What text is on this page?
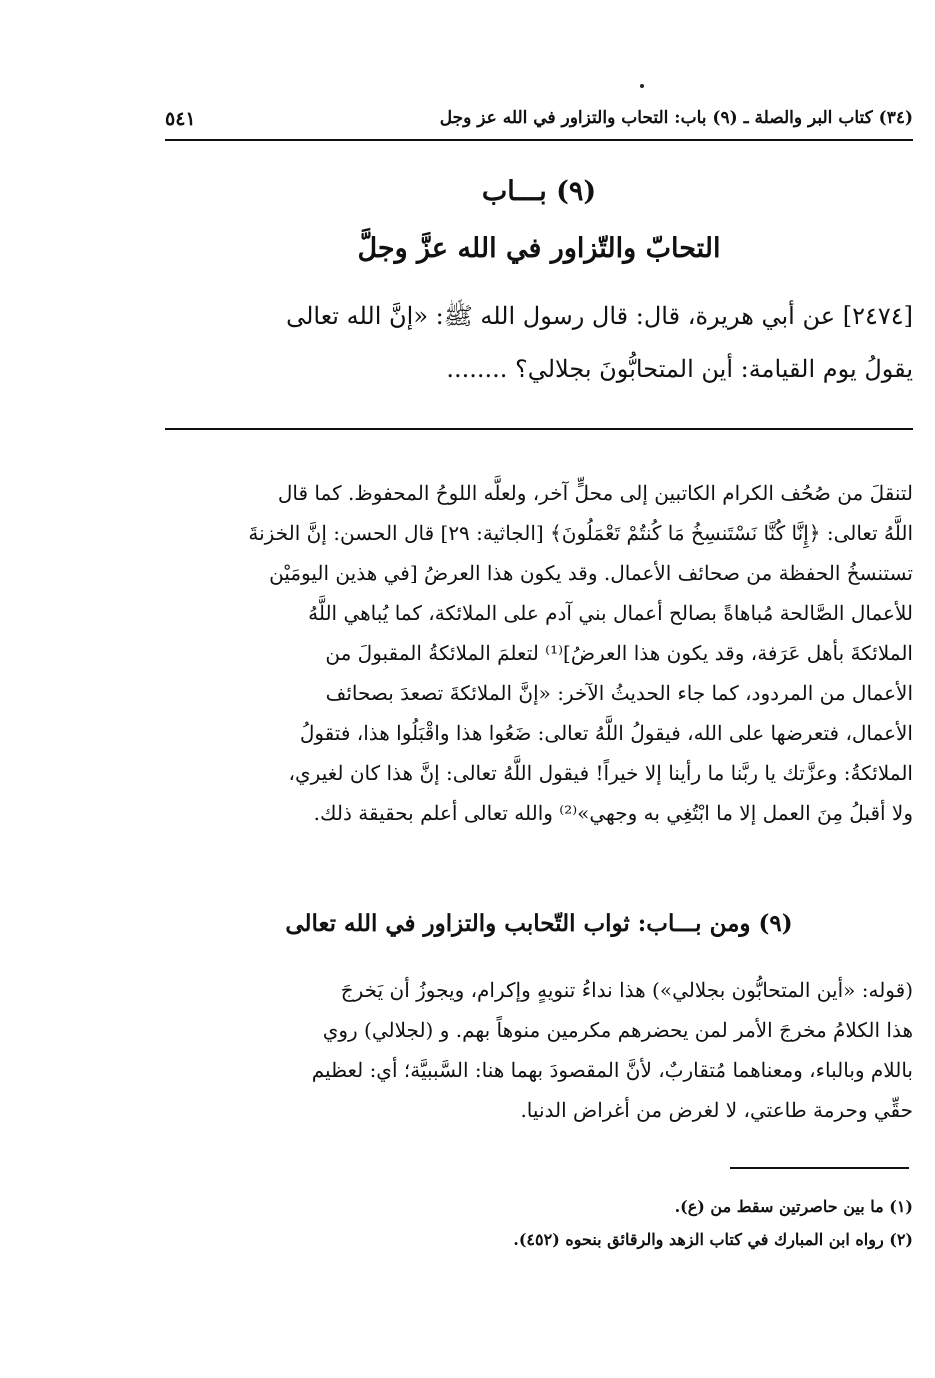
(٣٤) كتاب البر والصلة ـ (٩) باب: التحاب والتزاور في الله عز وجل
٥٤١
(٩) بـــاب
التحابّ والتّزاور في الله عزَّ وجلَّ
[٢٤٧٤] عن أبي هريرة، قال: قال رسول الله ﷺ: «إنَّ الله تعالى
يقولُ يوم القيامة: أين المتحابُّونَ بجلالي؟ ........
لتنقلَ من صُحُف الكرام الكاتبين إلى محلٍّ آخر، ولعلَّه اللوحُ المحفوظ. كما قال
اللَّهُ تعالى: ﴿إِنَّا كُنَّا نَسْتَنسِخُ مَا كُنتُمْ تَعْمَلُونَ﴾ [الجاثية: ٢٩] قال الحسن: إنَّ الخزنةَ
تستنسخُ الحفظة من صحائف الأعمال. وقد يكون هذا العرضُ [في هذين اليومَيْن
للأعمال الصَّالحة مُباهاةً بصالح أعمال بني آدم على الملائكة، كما يُباهي اللَّهُ
الملائكةَ بأهل عَرَفة، وقد يكون هذا العرضُ]⁽¹⁾ لتعلمَ الملائكةُ المقبولَ من
الأعمال من المردود، كما جاء الحديثُ الآخر: «إنَّ الملائكةَ تصعدَ بصحائف
الأعمال، فتعرضها على الله، فيقولُ اللَّهُ تعالى: ضَعُوا هذا واقْبَلُوا هذا، فتقولُ
الملائكةُ: وعزَّتك يا ربَّنا ما رأينا إلا خيراً! فيقول اللَّهُ تعالى: إنَّ هذا كان لغيري،
ولا أقبلُ مِنَ العمل إلا ما ابْتُغِي به وجهي»⁽²⁾ والله تعالى أعلم بحقيقة ذلك.
(٩) ومن بـــاب: ثواب التّحابب والتزاور في الله تعالى
(قوله: «أين المتحابُّون بجلالي») هذا نداءُ تنويهٍ وإكرام، ويجوزُ أن يَخرجَ
هذا الكلامُ مخرجَ الأمر لمن يحضرهم مكرمين منوهاً بهم. و (لجلالي) روي
باللام وبالباء، ومعناهما مُتقاربٌ، لأنَّ المقصودَ بهما هنا: السَّببيَّة؛ أي: لعظيم
حقِّي وحرمة طاعتي، لا لغرض من أغراض الدنيا.
(١) ما بين حاصرتين سقط من (ع).
(٢) رواه ابن المبارك في كتاب الزهد والرقائق بنحوه (٤٥٢).
